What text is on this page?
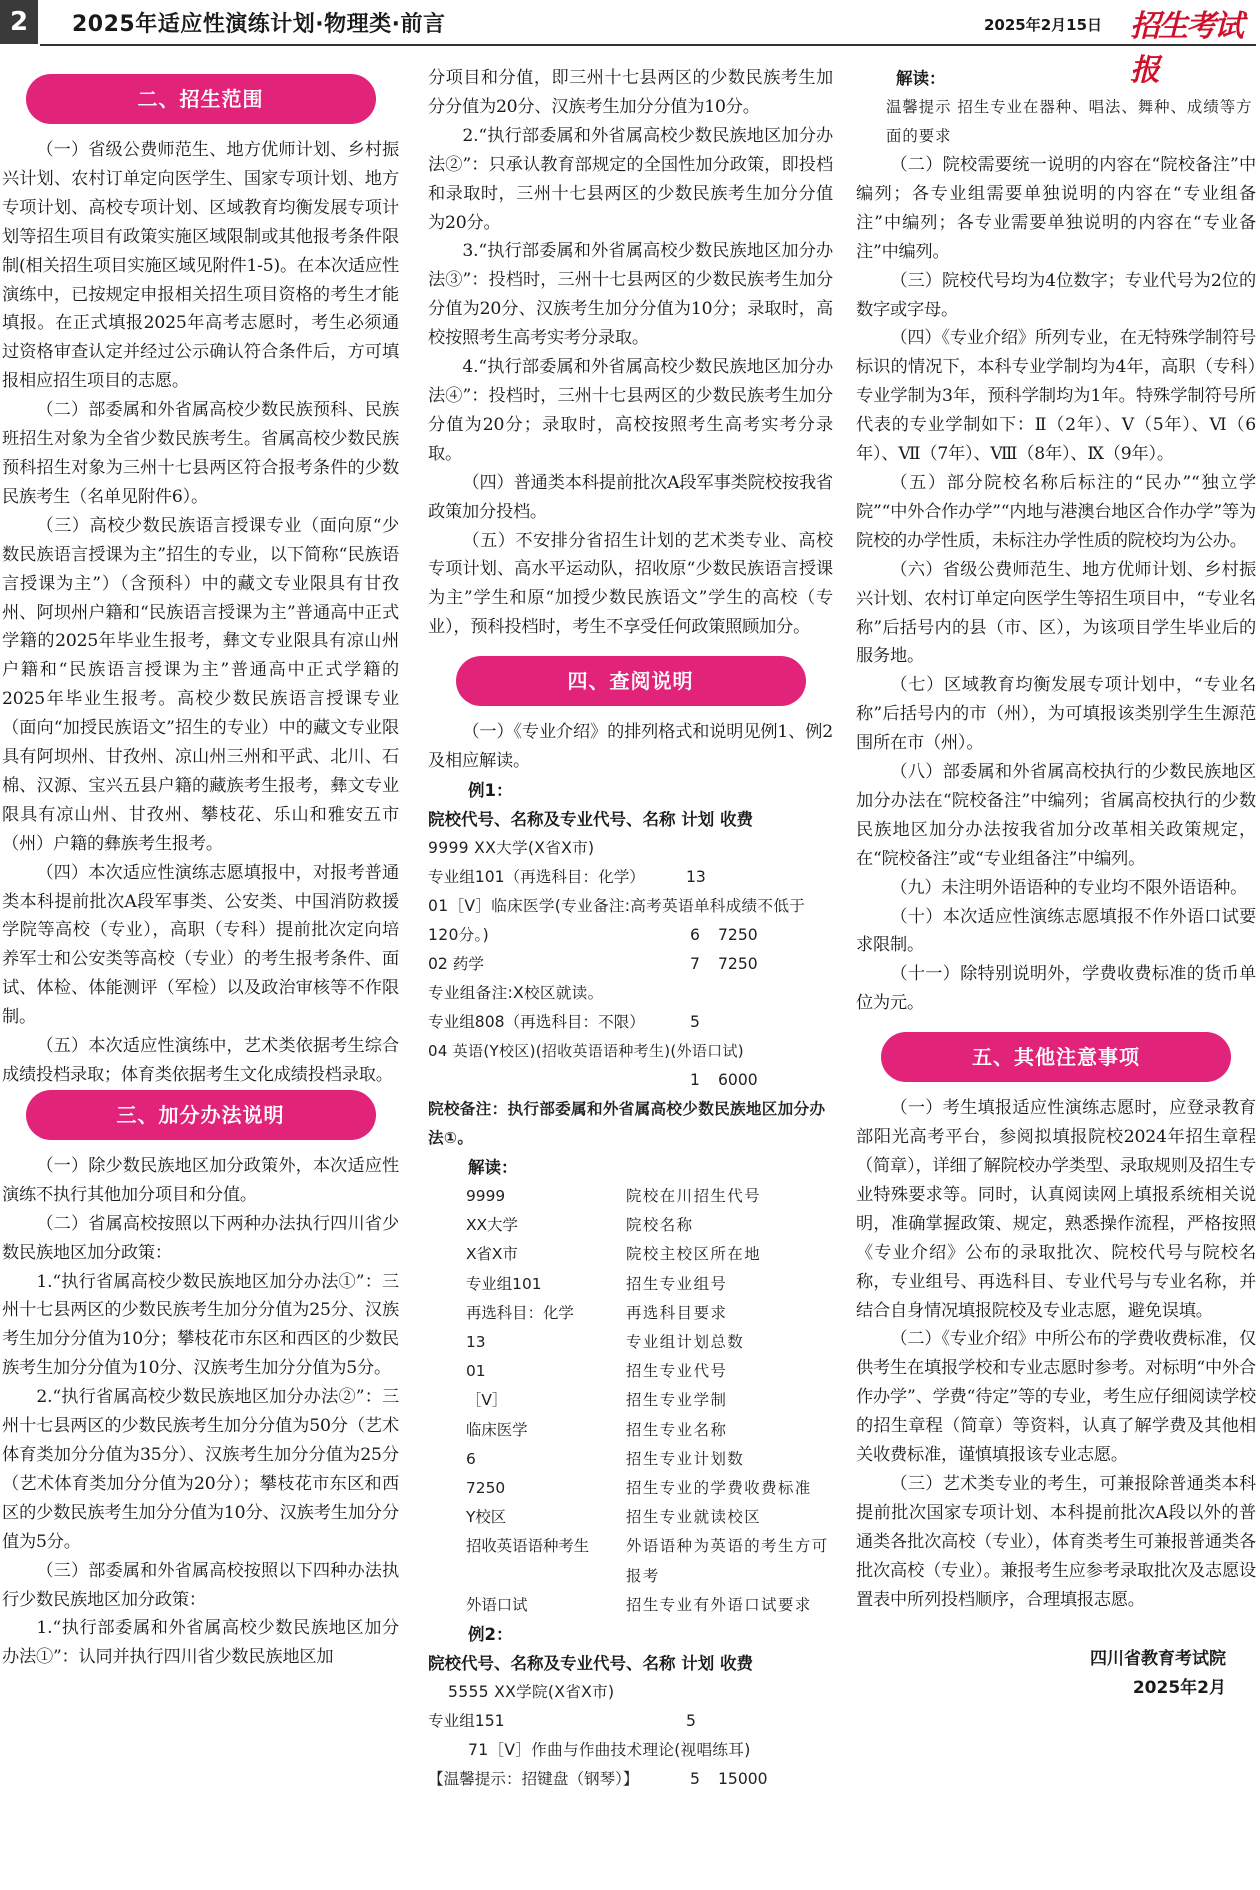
2	2025年适应性演练计划·物理类·前言	2025年2月15日 招生考试报
二、招生范围

（一）省级公费师范生、地方优师计划、乡村振兴计划、农村订单定向医学生、国家专项计划、地方专项计划、高校专项计划、区域教育均衡发展专项计划等招生项目有政策实施区域限制或其他报考条件限制(相关招生项目实施区域见附件1-5)。在本次适应性演练中，已按规定申报相关招生项目资格的考生才能填报。在正式填报2025年高考志愿时，考生必须通过资格审查认定并经过公示确认符合条件后，方可填报相应招生项目的志愿。

（二）部委属和外省属高校少数民族预科、民族班招生对象为全省少数民族考生。省属高校少数民族预科招生对象为三州十七县两区符合报考条件的少数民族考生（名单见附件6）。

（三）高校少数民族语言授课专业（面向原“少数民族语言授课为主”招生的专业，以下简称“民族语言授课为主”）（含预科）中的藏文专业限具有甘孜州、阿坝州户籍和“民族语言授课为主”普通高中正式学籍的2025年毕业生报考，彝文专业限具有凉山州户籍和“民族语言授课为主”普通高中正式学籍的2025年毕业生报考。高校少数民族语言授课专业（面向“加授民族语文”招生的专业）中的藏文专业限具有阿坝州、甘孜州、凉山州三州和平武、北川、石棉、汉源、宝兴五县户籍的藏族考生报考，彝文专业限具有凉山州、甘孜州、攀枝花、乐山和雅安五市（州）户籍的彝族考生报考。

（四）本次适应性演练志愿填报中，对报考普通类本科提前批次A段军事类、公安类、中国消防救援学院等高校（专业），高职（专科）提前批次定向培养军士和公安类等高校（专业）的考生报考条件、面试、体检、体能测评（军检）以及政治审核等不作限制。

（五）本次适应性演练中，艺术类依据考生综合成绩投档录取；体育类依据考生文化成绩投档录取。

三、加分办法说明

（一）除少数民族地区加分政策外，本次适应性演练不执行其他加分项目和分值。

（二）省属高校按照以下两种办法执行四川省少数民族地区加分政策：

1.“执行省属高校少数民族地区加分办法①”：三州十七县两区的少数民族考生加分分值为25分、汉族考生加分分值为10分；攀枝花市东区和西区的少数民族考生加分分值为10分、汉族考生加分分值为5分。

2.“执行省属高校少数民族地区加分办法②”：三州十七县两区的少数民族考生加分分值为50分（艺术体育类加分分值为35分）、汉族考生加分分值为25分（艺术体育类加分分值为20分）；攀枝花市东区和西区的少数民族考生加分分值为10分、汉族考生加分分值为5分。

（三）部委属和外省属高校按照以下四种办法执行少数民族地区加分政策：

1.“执行部委属和外省属高校少数民族地区加分办法①”：认同并执行四川省少数民族地区加

分项目和分值，即三州十七县两区的少数民族考生加分分值为20分、汉族考生加分分值为10分。

2.“执行部委属和外省属高校少数民族地区加分办法②”：只承认教育部规定的全国性加分政策，即投档和录取时，三州十七县两区的少数民族考生加分分值为20分。

3.“执行部委属和外省属高校少数民族地区加分办法③”：投档时，三州十七县两区的少数民族考生加分分值为20分、汉族考生加分分值为10分；录取时，高校按照考生高考实考分录取。

4.“执行部委属和外省属高校少数民族地区加分办法④”：投档时，三州十七县两区的少数民族考生加分分值为20分；录取时，高校按照考生高考实考分录取。

（四）普通类本科提前批次A段军事类院校按我省政策加分投档。

（五）不安排分省招生计划的艺术类专业、高校专项计划、高水平运动队，招收原“少数民族语言授课为主”学生和原“加授少数民族语文”学生的高校（专业），预科投档时，考生不享受任何政策照顾加分。

四、查阅说明

（一）《专业介绍》的排列格式和说明见例1、例2及相应解读。

例1：

院校代号、名称及专业代号、名称 计划 收费

9999 XX大学(X省X市)

专业组101（再选科目：化学）	13

01［Ⅴ］临床医学(专业备注:高考英语单科成绩不低于120分。)	6 7250
02 药学	7 7250

专业组备注:X校区就读。

专业组808（再选科目：不限）	5

04 英语(Y校区)(招收英语语种考生)(外语口试)

1 6000

院校备注：执行部委属和外省属高校少数民族地区加分办法①。

解读：

9999	院校在川招生代号
XX大学	院校名称
X省X市	院校主校区所在地
专业组101	招生专业组号
再选科目：化学	再选科目要求
13	专业组计划总数
01	招生专业代号
［Ⅴ］	招生专业学制
临床医学	招生专业名称
6	招生专业计划数
7250	招生专业的学费收费标准
Y校区	招生专业就读校区
招收英语语种考生	外语语种为英语的考生方可报考
外语口试	招生专业有外语口试要求

例2：

院校代号、名称及专业代号、名称 计划 收费

5555 XX学院(X省X市)

专业组151	5

71［Ⅴ］作曲与作曲技术理论(视唱练耳)

【温馨提示：招键盘（钢琴）】	5 15000

解读：

温馨提示 招生专业在器种、唱法、舞种、成绩等方面的要求

（二）院校需要统一说明的内容在“院校备注”中编列；各专业组需要单独说明的内容在“专业组备注”中编列；各专业需要单独说明的内容在“专业备注”中编列。

（三）院校代号均为4位数字；专业代号为2位的数字或字母。

（四）《专业介绍》所列专业，在无特殊学制符号标识的情况下，本科专业学制均为4年，高职（专科）专业学制为3年，预科学制均为1年。特殊学制符号所代表的专业学制如下：Ⅱ（2年）、Ⅴ（5年）、Ⅵ（6年）、Ⅶ（7年）、Ⅷ（8年）、Ⅸ（9年）。

（五）部分院校名称后标注的“民办”“独立学院”“中外合作办学”“内地与港澳台地区合作办学”等为院校的办学性质，未标注办学性质的院校均为公办。

（六）省级公费师范生、地方优师计划、乡村振兴计划、农村订单定向医学生等招生项目中，“专业名称”后括号内的县（市、区），为该项目学生毕业后的服务地。

（七）区域教育均衡发展专项计划中，“专业名称”后括号内的市（州），为可填报该类别学生生源范围所在市（州）。

（八）部委属和外省属高校执行的少数民族地区加分办法在“院校备注”中编列；省属高校执行的少数民族地区加分办法按我省加分改革相关政策规定，在“院校备注”或“专业组备注”中编列。

（九）未注明外语语种的专业均不限外语语种。

（十）本次适应性演练志愿填报不作外语口试要求限制。

（十一）除特别说明外，学费收费标准的货币单位为元。

五、其他注意事项

（一）考生填报适应性演练志愿时，应登录教育部阳光高考平台，参阅拟填报院校2024年招生章程（简章），详细了解院校办学类型、录取规则及招生专业特殊要求等。同时，认真阅读网上填报系统相关说明，准确掌握政策、规定，熟悉操作流程，严格按照《专业介绍》公布的录取批次、院校代号与院校名称，专业组号、再选科目、专业代号与专业名称，并结合自身情况填报院校及专业志愿，避免误填。

（二）《专业介绍》中所公布的学费收费标准，仅供考生在填报学校和专业志愿时参考。对标明“中外合作办学”、学费“待定”等的专业，考生应仔细阅读学校的招生章程（简章）等资料，认真了解学费及其他相关收费标准，谨慎填报该专业志愿。

（三）艺术类专业的考生，可兼报除普通类本科提前批次国家专项计划、本科提前批次A段以外的普通类各批次高校（专业），体育类考生可兼报普通类各批次高校（专业）。兼报考生应参考录取批次及志愿设置表中所列投档顺序，合理填报志愿。

四川省教育考试院

2025年2月
